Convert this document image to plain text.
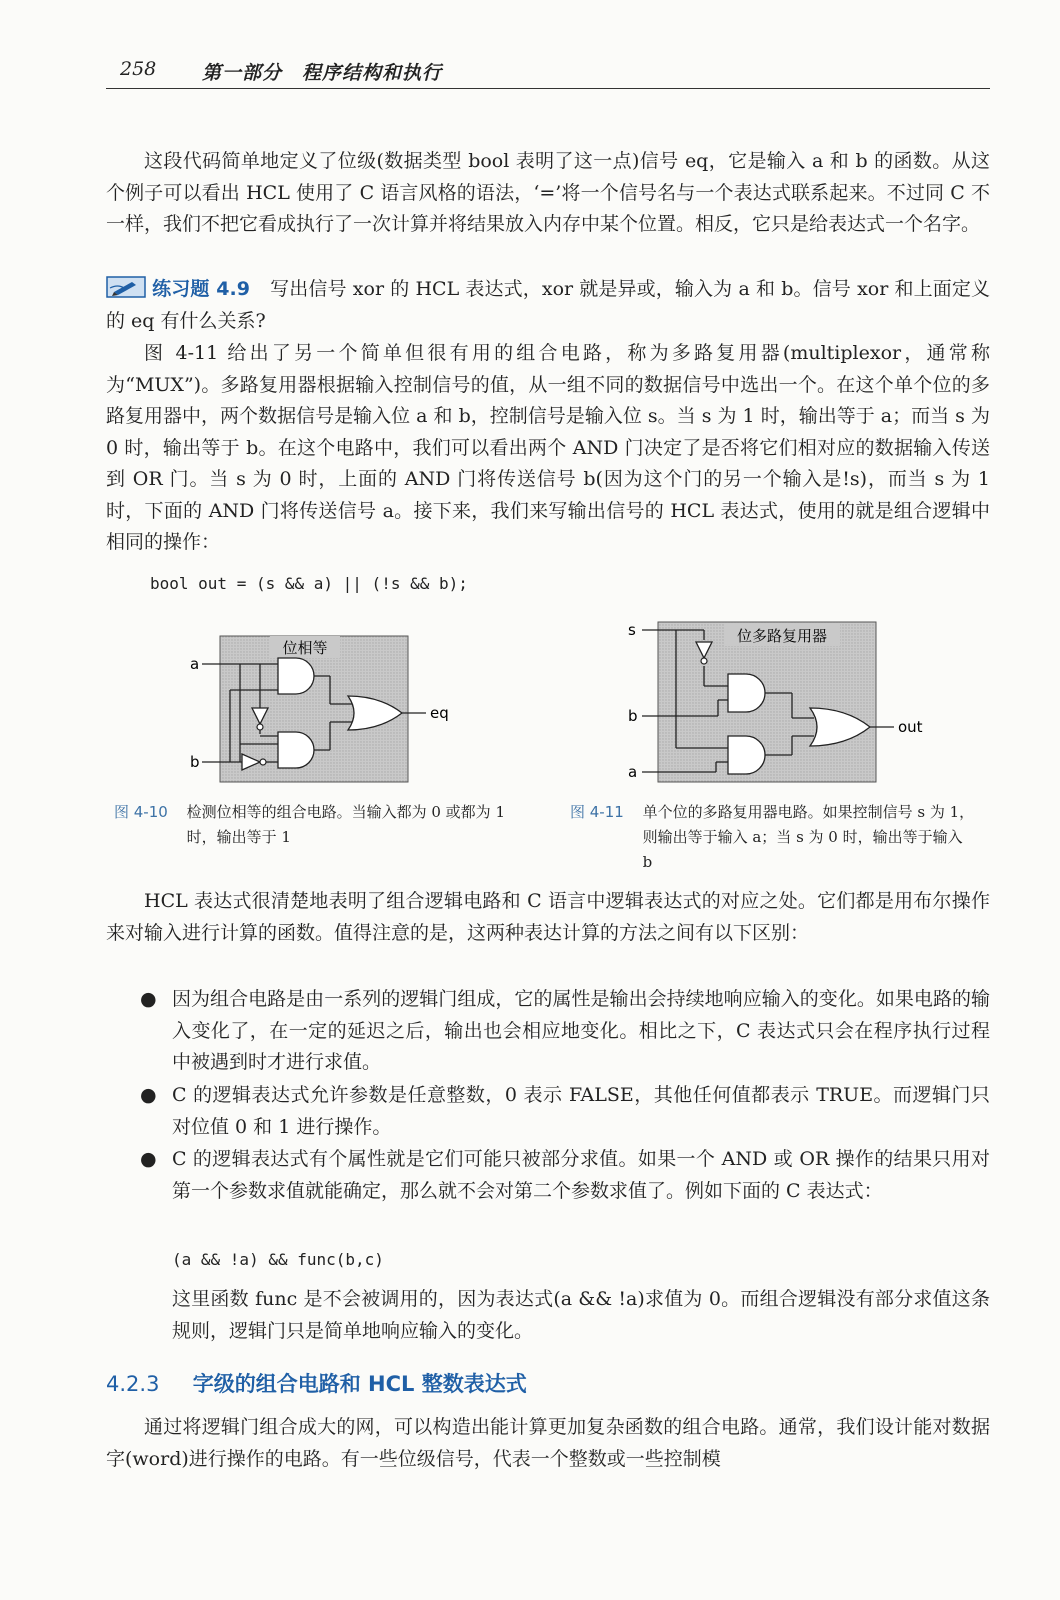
258 第一部分　程序结构和执行

这段代码简单地定义了位级(数据类型 bool 表明了这一点)信号 eq，它是输入 a 和 b 的函数。从这个例子可以看出 HCL 使用了 C 语言风格的语法，‘=’将一个信号名与一个表达式联系起来。不过同 C 不一样，我们不把它看成执行了一次计算并将结果放入内存中某个位置。相反，它只是给表达式一个名字。

练习题 4.9 写出信号 xor 的 HCL 表达式，xor 就是异或，输入为 a 和 b。信号 xor 和上面定义的 eq 有什么关系?

图 4-11 给出了另一个简单但很有用的组合电路，称为多路复用器(multiplexor，通常称为“MUX”)。多路复用器根据输入控制信号的值，从一组不同的数据信号中选出一个。在这个单个位的多路复用器中，两个数据信号是输入位 a 和 b，控制信号是输入位 s。当 s 为 1 时，输出等于 a；而当 s 为 0 时，输出等于 b。在这个电路中，我们可以看出两个 AND 门决定了是否将它们相对应的数据输入传送到 OR 门。当 s 为 0 时，上面的 AND 门将传送信号 b(因为这个门的另一个输入是!s)，而当 s 为 1 时，下面的 AND 门将传送信号 a。接下来，我们来写输出信号的 HCL 表达式，使用的就是组合逻辑中相同的操作：

bool out = (s && a) || (!s && b);
位相等
a
b
eq
图 4-10 检测位相等的组合电路。当输入都为 0 或都为 1 时，输出等于 1
位多路复用器
s
b
a
out
图 4-11 单个位的多路复用器电路。如果控制信号 s 为 1，则输出等于输入 a；当 s 为 0 时，输出等于输入 b

HCL 表达式很清楚地表明了组合逻辑电路和 C 语言中逻辑表达式的对应之处。它们都是用布尔操作来对输入进行计算的函数。值得注意的是，这两种表达计算的方法之间有以下区别：

● 因为组合电路是由一系列的逻辑门组成，它的属性是输出会持续地响应输入的变化。如果电路的输入变化了，在一定的延迟之后，输出也会相应地变化。相比之下，C 表达式只会在程序执行过程中被遇到时才进行求值。

● C 的逻辑表达式允许参数是任意整数，0 表示 FALSE，其他任何值都表示 TRUE。而逻辑门只对位值 0 和 1 进行操作。

● C 的逻辑表达式有个属性就是它们可能只被部分求值。如果一个 AND 或 OR 操作的结果只用对第一个参数求值就能确定，那么就不会对第二个参数求值了。例如下面的 C 表达式：

(a && !a) && func(b,c)

这里函数 func 是不会被调用的，因为表达式(a && !a)求值为 0。而组合逻辑没有部分求值这条规则，逻辑门只是简单地响应输入的变化。

4.2.3 字级的组合电路和 HCL 整数表达式

通过将逻辑门组合成大的网，可以构造出能计算更加复杂函数的组合电路。通常，我们设计能对数据字(word)进行操作的电路。有一些位级信号，代表一个整数或一些控制模
